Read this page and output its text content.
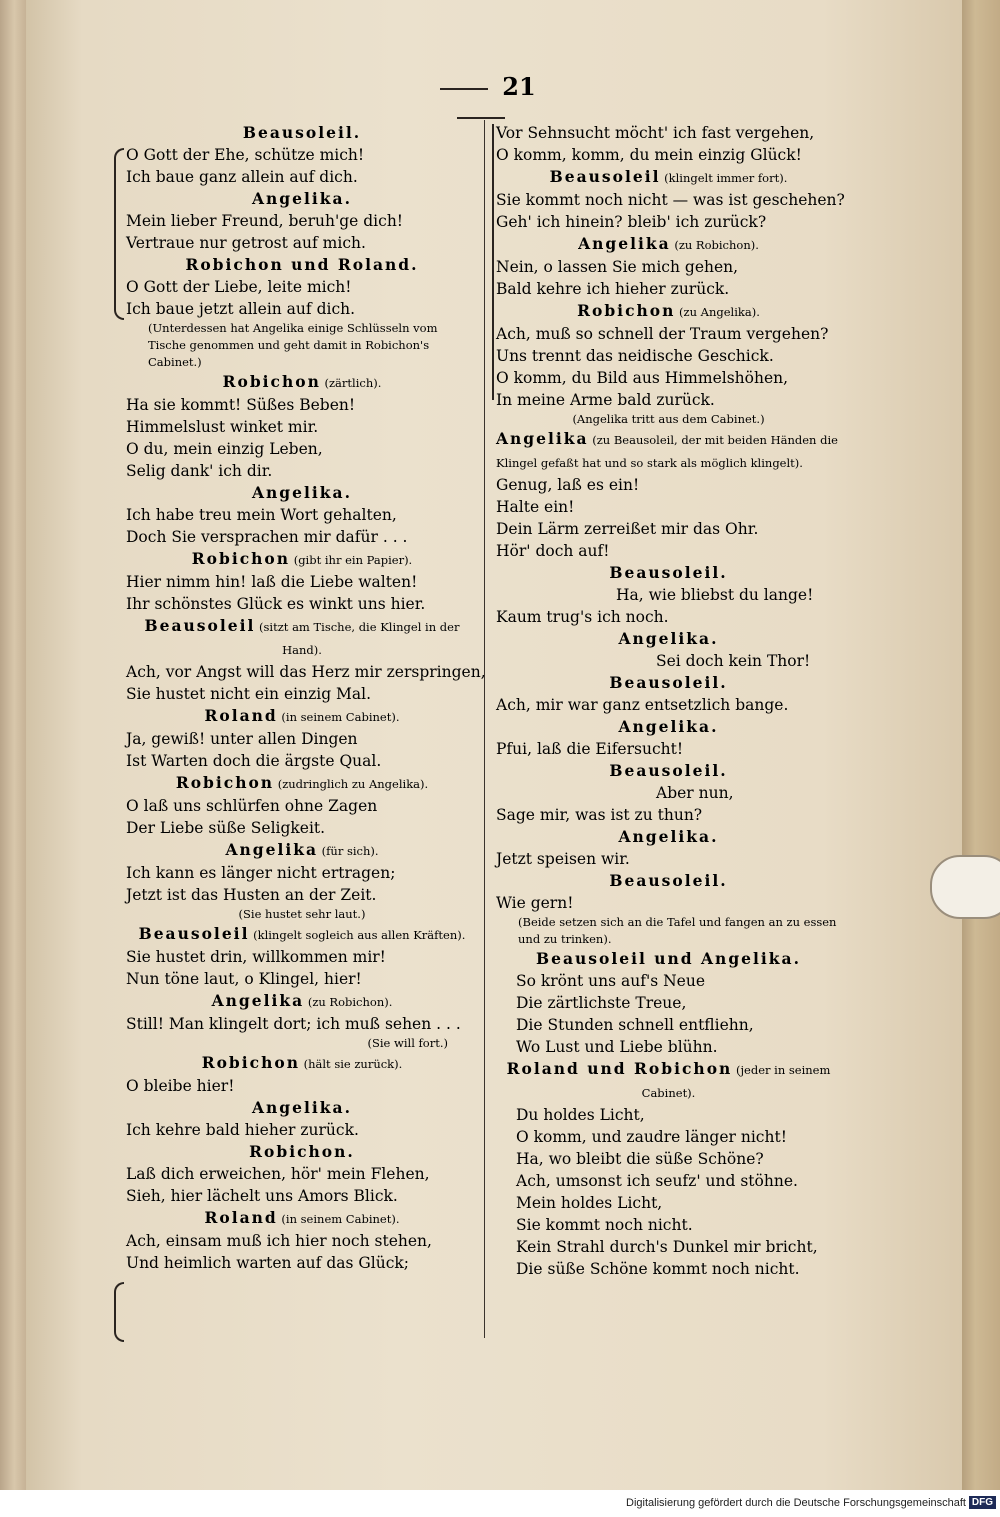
21
Beausoleil.
O Gott der Ehe, schütze mich!
Ich baue ganz allein auf dich.
Angelika.
Mein lieber Freund, beruh'ge dich!
Vertraue nur getrost auf mich.
Robichon und Roland.
O Gott der Liebe, leite mich!
Ich baue jetzt allein auf dich.
(Unterdessen hat Angelika einige Schlüsseln vom Tische genommen und geht damit in Robichon's Cabinet.)
Robichon (zärtlich).
Ha sie kommt! Süßes Beben!
Himmelslust winket mir.
O du, mein einzig Leben,
Selig dank' ich dir.
Angelika.
Ich habe treu mein Wort gehalten,
Doch Sie versprachen mir dafür . . .
Robichon (gibt ihr ein Papier).
Hier nimm hin! laß die Liebe walten!
Ihr schönstes Glück es winkt uns hier.
Beausoleil (sitzt am Tische, die Klingel in der Hand).
Ach, vor Angst will das Herz mir zerspringen,
Sie hustet nicht ein einzig Mal.
Roland (in seinem Cabinet).
Ja, gewiß! unter allen Dingen
Ist Warten doch die ärgste Qual.
Robichon (zudringlich zu Angelika).
O laß uns schlürfen ohne Zagen
Der Liebe süße Seligkeit.
Angelika (für sich).
Ich kann es länger nicht ertragen;
Jetzt ist das Husten an der Zeit.
(Sie hustet sehr laut.)
Beausoleil (klingelt sogleich aus allen Kräften).
Sie hustet drin, willkommen mir!
Nun töne laut, o Klingel, hier!
Angelika (zu Robichon).
Still! Man klingelt dort; ich muß sehen . . .
(Sie will fort.)
Robichon (hält sie zurück).
O bleibe hier!
Angelika.
Ich kehre bald hieher zurück.
Robichon.
Laß dich erweichen, hör' mein Flehen,
Sieh, hier lächelt uns Amors Blick.
Roland (in seinem Cabinet).
Ach, einsam muß ich hier noch stehen,
Und heimlich warten auf das Glück;
Vor Sehnsucht möcht' ich fast vergehen,
O komm, komm, du mein einzig Glück!
Beausoleil (klingelt immer fort).
Sie kommt noch nicht — was ist geschehen?
Geh' ich hinein? bleib' ich zurück?
Angelika (zu Robichon).
Nein, o lassen Sie mich gehen,
Bald kehre ich hieher zurück.
Robichon (zu Angelika).
Ach, muß so schnell der Traum vergehen?
Uns trennt das neidische Geschick.
O komm, du Bild aus Himmelshöhen,
In meine Arme bald zurück.
(Angelika tritt aus dem Cabinet.)
Angelika (zu Beausoleil, der mit beiden Händen die Klingel gefaßt hat und so stark als möglich klingelt).
Genug, laß es ein!
Halte ein!
Dein Lärm zerreißet mir das Ohr.
Hör' doch auf!
Beausoleil.
Ha, wie bliebst du lange!
Kaum trug's ich noch.
Angelika.
Sei doch kein Thor!
Beausoleil.
Ach, mir war ganz entsetzlich bange.
Angelika.
Pfui, laß die Eifersucht!
Beausoleil.
Aber nun,
Sage mir, was ist zu thun?
Angelika.
Jetzt speisen wir.
Beausoleil.
Wie gern!
(Beide setzen sich an die Tafel und fangen an zu essen und zu trinken).
Beausoleil und Angelika.
So krönt uns auf's Neue
Die zärtlichste Treue,
Die Stunden schnell entfliehn,
Wo Lust und Liebe blühn.
Roland und Robichon (jeder in seinem Cabinet).
Du holdes Licht,
O komm, und zaudre länger nicht!
Ha, wo bleibt die süße Schöne?
Ach, umsonst ich seufz' und stöhne.
Mein holdes Licht,
Sie kommt noch nicht.
Kein Strahl durch's Dunkel mir bricht,
Die süße Schöne kommt noch nicht.
Digitalisierung gefördert durch die Deutsche Forschungsgemeinschaft DFG
